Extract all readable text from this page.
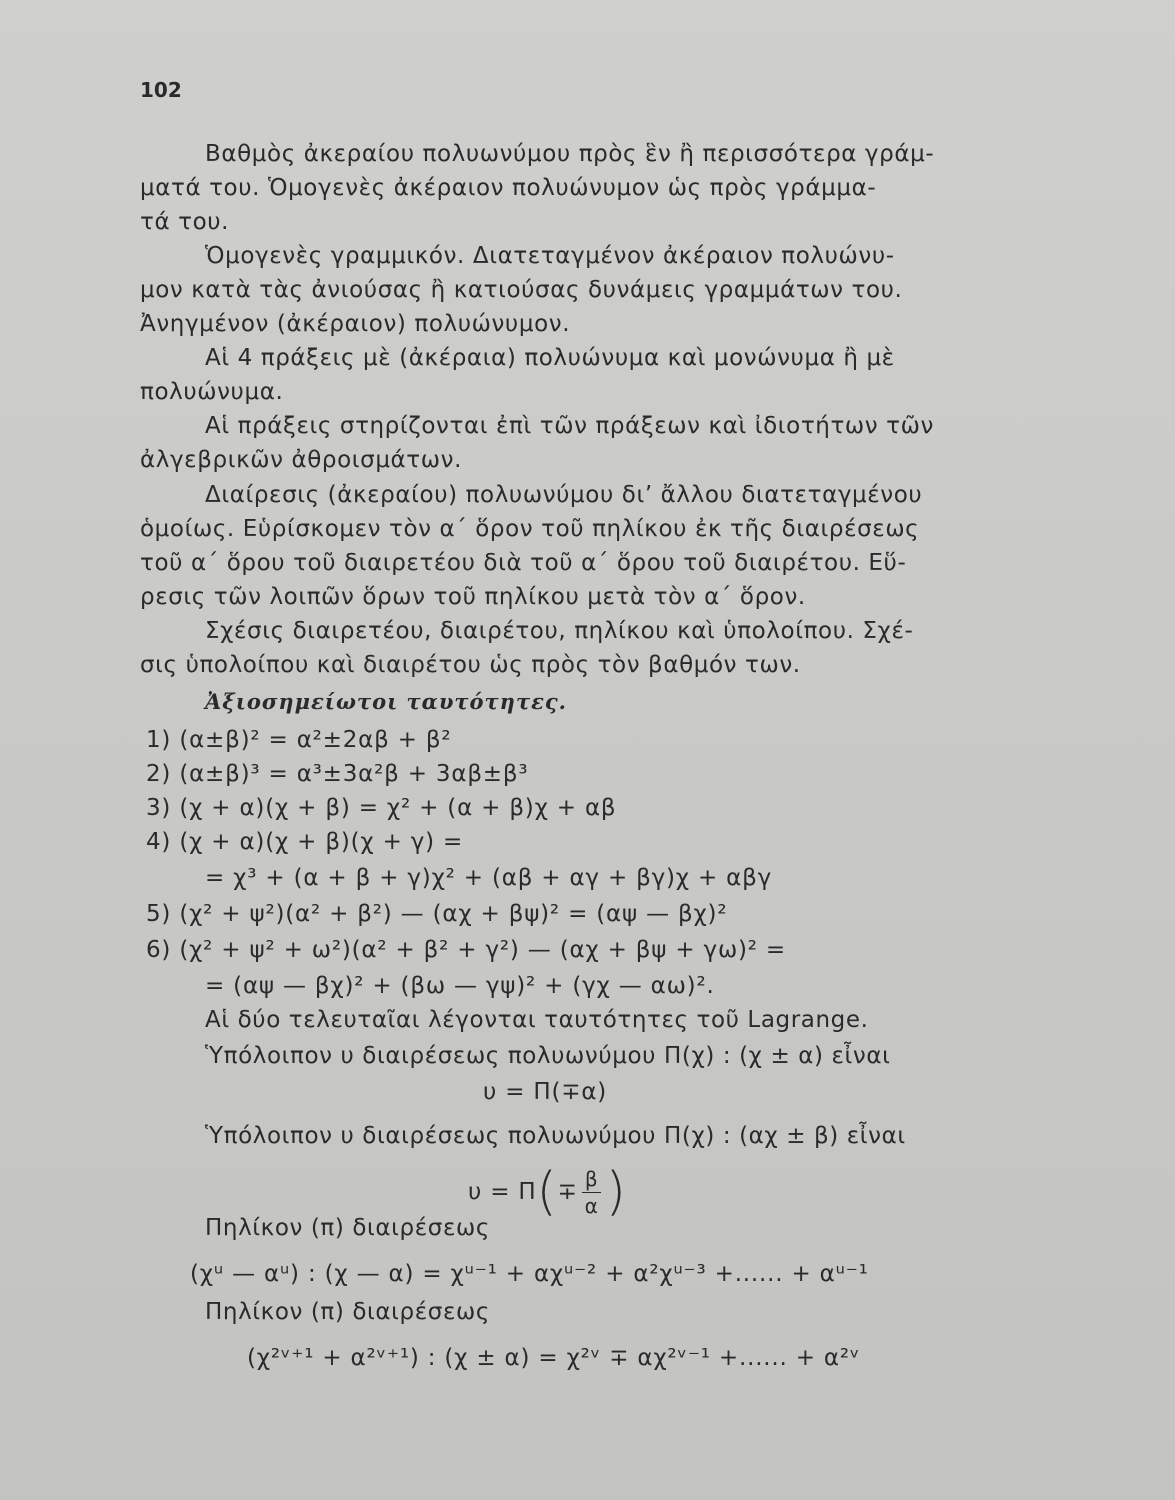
102
Βαθμὸς ἀκεραίου πολυωνύμου πρὸς ἓν ἢ περισσότερα γράμ-
ματά του. Ὁμογενὲς ἀκέραιον πολυώνυμον ὡς πρὸς γράμμα-
τά του.
Ὁμογενὲς γραμμικόν. Διατεταγμένον ἀκέραιον πολυώνυ-
μον κατὰ τὰς ἀνιούσας ἢ κατιούσας δυνάμεις γραμμάτων του.
Ἀνηγμένον (ἀκέραιον) πολυώνυμον.
Αἱ 4 πράξεις μὲ (ἀκέραια) πολυώνυμα καὶ μονώνυμα ἢ μὲ
πολυώνυμα.
Αἱ πράξεις στηρίζονται ἐπὶ τῶν πράξεων καὶ ἰδιοτήτων τῶν
ἀλγεβρικῶν ἀθροισμάτων.
Διαίρεσις (ἀκεραίου) πολυωνύμου δι’ ἄλλου διατεταγμένου
ὁμοίως. Εὑρίσκομεν τὸν α΄ ὅρον τοῦ πηλίκου ἐκ τῆς διαιρέσεως
τοῦ α΄ ὅρου τοῦ διαιρετέου διὰ τοῦ α΄ ὅρου τοῦ διαιρέτου. Εὕ-
ρεσις τῶν λοιπῶν ὅρων τοῦ πηλίκου μετὰ τὸν α΄ ὅρον.
Σχέσις διαιρετέου, διαιρέτου, πηλίκου καὶ ὑπολοίπου. Σχέ-
σις ὑπολοίπου καὶ διαιρέτου ὡς πρὸς τὸν βαθμόν των.
Ἀξιοσημείωτοι ταυτότητες.
1) (α±β)² = α²±2αβ + β²
2) (α±β)³ = α³±3α²β + 3αβ±β³
3) (χ + α)(χ + β) = χ² + (α + β)χ + αβ
4) (χ + α)(χ + β)(χ + γ) =
= χ³ + (α + β + γ)χ² + (αβ + αγ + βγ)χ + αβγ
5) (χ² + ψ²)(α² + β²) — (αχ + βψ)² = (αψ — βχ)²
6) (χ² + ψ² + ω²)(α² + β² + γ²) — (αχ + βψ + γω)² =
= (αψ — βχ)² + (βω — γψ)² + (γχ — αω)².
Αἱ δύο τελευταῖαι λέγονται ταυτότητες τοῦ Lagrange.
Ὑπόλοιπον υ διαιρέσεως πολυωνύμου Π(χ) : (χ ± α) εἶναι
υ = Π(∓α)
Ὑπόλοιπον υ διαιρέσεως πολυωνύμου Π(χ) : (αχ ± β) εἶναι
υ = Π ( ∓ $\frac{\beta}{\alpha}$ )
Πηλίκον (π) διαιρέσεως
(χᵘ — αᵘ) : (χ — α) = χᵘ⁻¹ + αχᵘ⁻² + α²χᵘ⁻³ +...... + αᵘ⁻¹
Πηλίκον (π) διαιρέσεως
(χ²ᵛ⁺¹ + α²ᵛ⁺¹) : (χ ± α) = χ²ᵛ ∓ αχ²ᵛ⁻¹ +...... + α²ᵛ
